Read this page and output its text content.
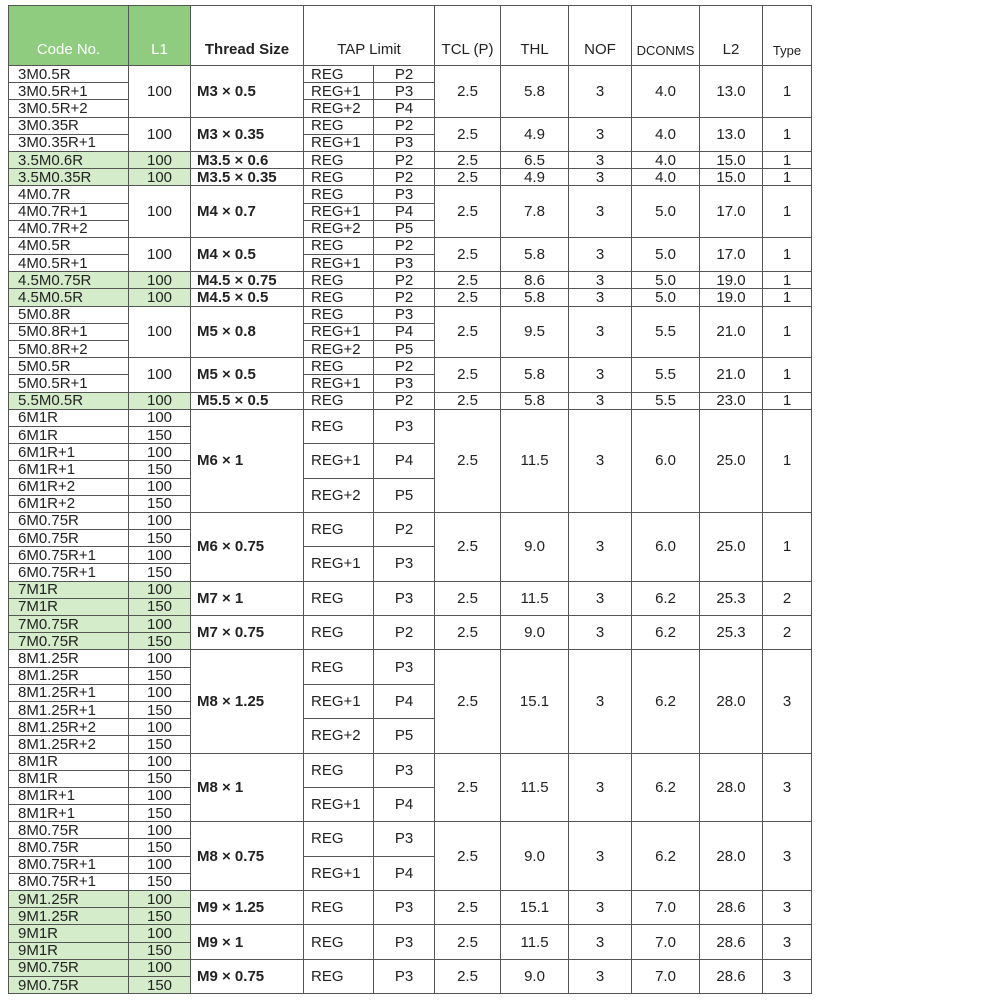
Code No.	L1	Thread Size	TAP Limit		TCL (P)	THL	NOF	DCONMS	L2	Type
3M0.5R	100	M3 × 0.5	REG	P2	2.5	5.8	3	4.0	13.0	1
3M0.5R+1			REG+1	P3						
3M0.5R+2			REG+2	P4						
3M0.35R	100	M3 × 0.35	REG	P2	2.5	4.9	3	4.0	13.0	1
3M0.35R+1			REG+1	P3						
3.5M0.6R	100	M3.5 × 0.6	REG	P2	2.5	6.5	3	4.0	15.0	1
3.5M0.35R	100	M3.5 × 0.35	REG	P2	2.5	4.9	3	4.0	15.0	1
4M0.7R	100	M4 × 0.7	REG	P3	2.5	7.8	3	5.0	17.0	1
4M0.7R+1			REG+1	P4						
4M0.7R+2			REG+2	P5						
4M0.5R	100	M4 × 0.5	REG	P2	2.5	5.8	3	5.0	17.0	1
4M0.5R+1			REG+1	P3						
4.5M0.75R	100	M4.5 × 0.75	REG	P2	2.5	8.6	3	5.0	19.0	1
4.5M0.5R	100	M4.5 × 0.5	REG	P2	2.5	5.8	3	5.0	19.0	1
5M0.8R	100	M5 × 0.8	REG	P3	2.5	9.5	3	5.5	21.0	1
5M0.8R+1			REG+1	P4						
5M0.8R+2			REG+2	P5						
5M0.5R	100	M5 × 0.5	REG	P2	2.5	5.8	3	5.5	21.0	1
5M0.5R+1			REG+1	P3						
5.5M0.5R	100	M5.5 × 0.5	REG	P2	2.5	5.8	3	5.5	23.0	1
6M1R	100	M6 × 1	REG	P3	2.5	11.5	3	6.0	25.0	1
6M1R	150									
6M1R+1	100		REG+1	P4						
6M1R+1	150									
6M1R+2	100		REG+2	P5						
6M1R+2	150									
6M0.75R	100	M6 × 0.75	REG	P2	2.5	9.0	3	6.0	25.0	1
6M0.75R	150									
6M0.75R+1	100		REG+1	P3						
6M0.75R+1	150									
7M1R	100	M7 × 1	REG	P3	2.5	11.5	3	6.2	25.3	2
7M1R	150									
7M0.75R	100	M7 × 0.75	REG	P2	2.5	9.0	3	6.2	25.3	2
7M0.75R	150									
8M1.25R	100	M8 × 1.25	REG	P3	2.5	15.1	3	6.2	28.0	3
8M1.25R	150									
8M1.25R+1	100		REG+1	P4						
8M1.25R+1	150									
8M1.25R+2	100		REG+2	P5						
8M1.25R+2	150									
8M1R	100	M8 × 1	REG	P3	2.5	11.5	3	6.2	28.0	3
8M1R	150									
8M1R+1	100		REG+1	P4						
8M1R+1	150									
8M0.75R	100	M8 × 0.75	REG	P3	2.5	9.0	3	6.2	28.0	3
8M0.75R	150									
8M0.75R+1	100		REG+1	P4						
8M0.75R+1	150									
9M1.25R	100	M9 × 1.25	REG	P3	2.5	15.1	3	7.0	28.6	3
9M1.25R	150									
9M1R	100	M9 × 1	REG	P3	2.5	11.5	3	7.0	28.6	3
9M1R	150									
9M0.75R	100	M9 × 0.75	REG	P3	2.5	9.0	3	7.0	28.6	3
9M0.75R	150									
